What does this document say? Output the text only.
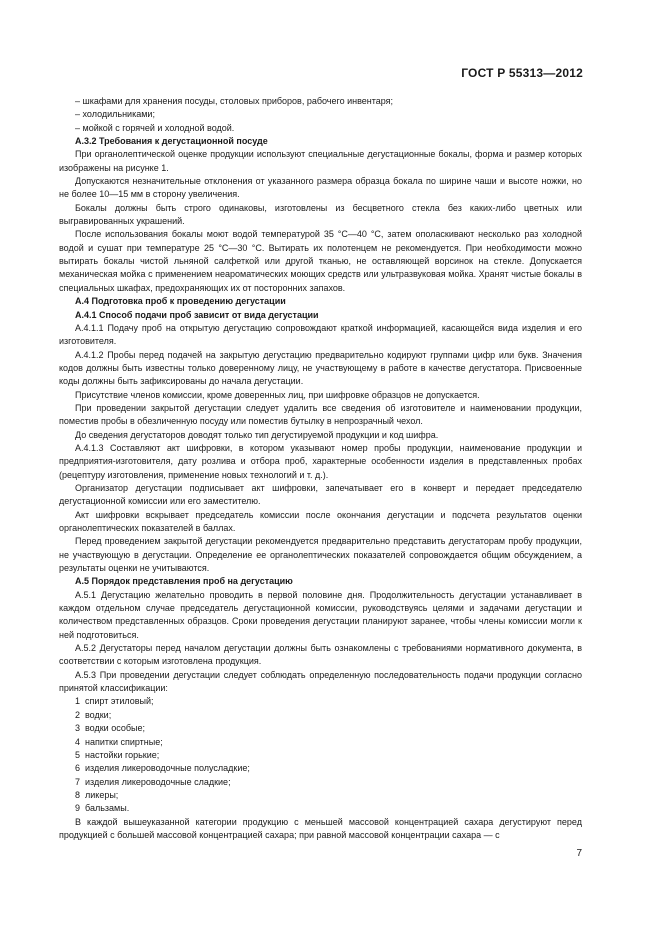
ГОСТ Р 55313—2012

– шкафами для хранения посуды, столовых приборов, рабочего инвентаря;

– холодильниками;

– мойкой с горячей и холодной водой.

А.3.2 Требования к дегустационной посуде

При органолептической оценке продукции используют специальные дегустационные бокалы, форма и размер которых изображены на рисунке 1.

Допускаются незначительные отклонения от указанного размера образца бокала по ширине чаши и высоте ножки, но не более 10—15 мм в сторону увеличения.

Бокалы должны быть строго одинаковы, изготовлены из бесцветного стекла без каких-либо цветных или выгравированных украшений.

После использования бокалы моют водой температурой 35 °С—40 °С, затем ополаскивают несколько раз холодной водой и сушат при температуре 25 °С—30 °С. Вытирать их полотенцем не рекомендуется. При необходимости можно вытирать бокалы чистой льняной салфеткой или другой тканью, не оставляющей ворсинок на стекле. Допускается механическая мойка с применением неароматических моющих средств или ультразвуковая мойка. Хранят чистые бокалы в специальных шкафах, предохраняющих их от посторонних запахов.

А.4 Подготовка проб к проведению дегустации

А.4.1 Способ подачи проб зависит от вида дегустации

А.4.1.1 Подачу проб на открытую дегустацию сопровождают краткой информацией, касающейся вида изделия и его изготовителя.

А.4.1.2 Пробы перед подачей на закрытую дегустацию предварительно кодируют группами цифр или букв. Значения кодов должны быть известны только доверенному лицу, не участвующему в работе в качестве дегустатора. Присвоенные коды должны быть зафиксированы до начала дегустации.

Присутствие членов комиссии, кроме доверенных лиц, при шифровке образцов не допускается.

При проведении закрытой дегустации следует удалить все сведения об изготовителе и наименовании продукции, поместив пробы в обезличенную посуду или поместив бутылку в непрозрачный чехол.

До сведения дегустаторов доводят только тип дегустируемой продукции и код шифра.

А.4.1.3 Составляют акт шифровки, в котором указывают номер пробы продукции, наименование продукции и предприятия-изготовителя, дату розлива и отбора проб, характерные особенности изделия в представленных пробах (рецептуру изготовления, применение новых технологий и т. д.).

Организатор дегустации подписывает акт шифровки, запечатывает его в конверт и передает председателю дегустационной комиссии или его заместителю.

Акт шифровки вскрывает председатель комиссии после окончания дегустации и подсчета результатов оценки органолептических показателей в баллах.

Перед проведением закрытой дегустации рекомендуется предварительно представить дегустаторам пробу продукции, не участвующую в дегустации. Определение ее органолептических показателей сопровождается общим обсуждением, а результаты оценки не учитываются.

А.5 Порядок представления проб на дегустацию

А.5.1 Дегустацию желательно проводить в первой половине дня. Продолжительность дегустации устанавливает в каждом отдельном случае председатель дегустационной комиссии, руководствуясь целями и задачами дегустации и количеством представленных образцов. Сроки проведения дегустации планируют заранее, чтобы члены комиссии могли к ней подготовиться.

А.5.2 Дегустаторы перед началом дегустации должны быть ознакомлены с требованиями нормативного документа, в соответствии с которым изготовлена продукция.

А.5.3 При проведении дегустации следует соблюдать определенную последовательность подачи продукции согласно принятой классификации:

1  спирт этиловый;

2  водки;

3  водки особые;

4  напитки спиртные;

5  настойки горькие;

6  изделия ликероводочные полусладкие;

7  изделия ликероводочные сладкие;

8  ликеры;

9  бальзамы.

В каждой вышеуказанной категории продукцию с меньшей массовой концентрацией сахара дегустируют перед продукцией с большей массовой концентрацией сахара; при равной массовой концентрации сахара — с

7
